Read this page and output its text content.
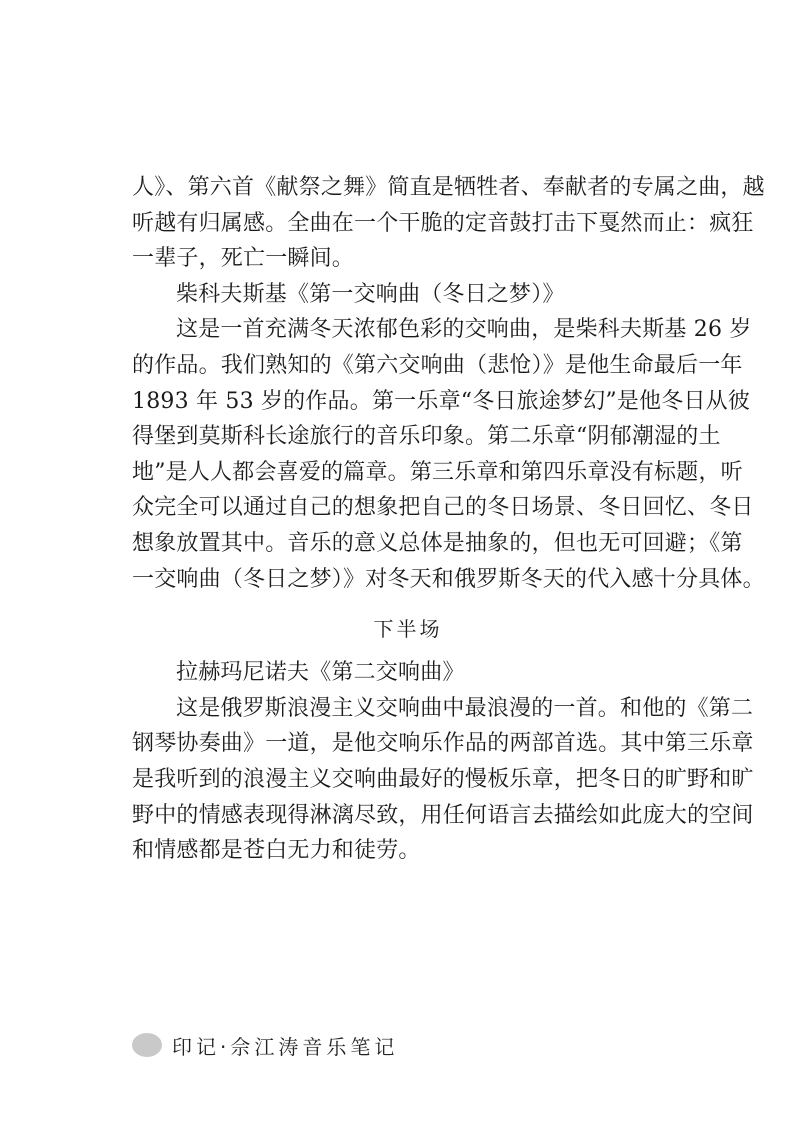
人》、第六首《献祭之舞》简直是牺牲者、奉献者的专属之曲，越
听越有归属感。全曲在一个干脆的定音鼓打击下戛然而止：疯狂
一辈子，死亡一瞬间。
柴科夫斯基《第一交响曲（冬日之梦）》
这是一首充满冬天浓郁色彩的交响曲，是柴科夫斯基 26 岁
的作品。我们熟知的《第六交响曲（悲怆）》是他生命最后一年
1893 年 53 岁的作品。第一乐章“冬日旅途梦幻”是他冬日从彼
得堡到莫斯科长途旅行的音乐印象。第二乐章“阴郁潮湿的土
地”是人人都会喜爱的篇章。第三乐章和第四乐章没有标题，听
众完全可以通过自己的想象把自己的冬日场景、冬日回忆、冬日
想象放置其中。音乐的意义总体是抽象的，但也无可回避；《第
一交响曲（冬日之梦）》对冬天和俄罗斯冬天的代入感十分具体。
下半场
拉赫玛尼诺夫《第二交响曲》
这是俄罗斯浪漫主义交响曲中最浪漫的一首。和他的《第二
钢琴协奏曲》一道，是他交响乐作品的两部首选。其中第三乐章
是我听到的浪漫主义交响曲最好的慢板乐章，把冬日的旷野和旷
野中的情感表现得淋漓尽致，用任何语言去描绘如此庞大的空间
和情感都是苍白无力和徒劳。
印记·佘江涛音乐笔记
